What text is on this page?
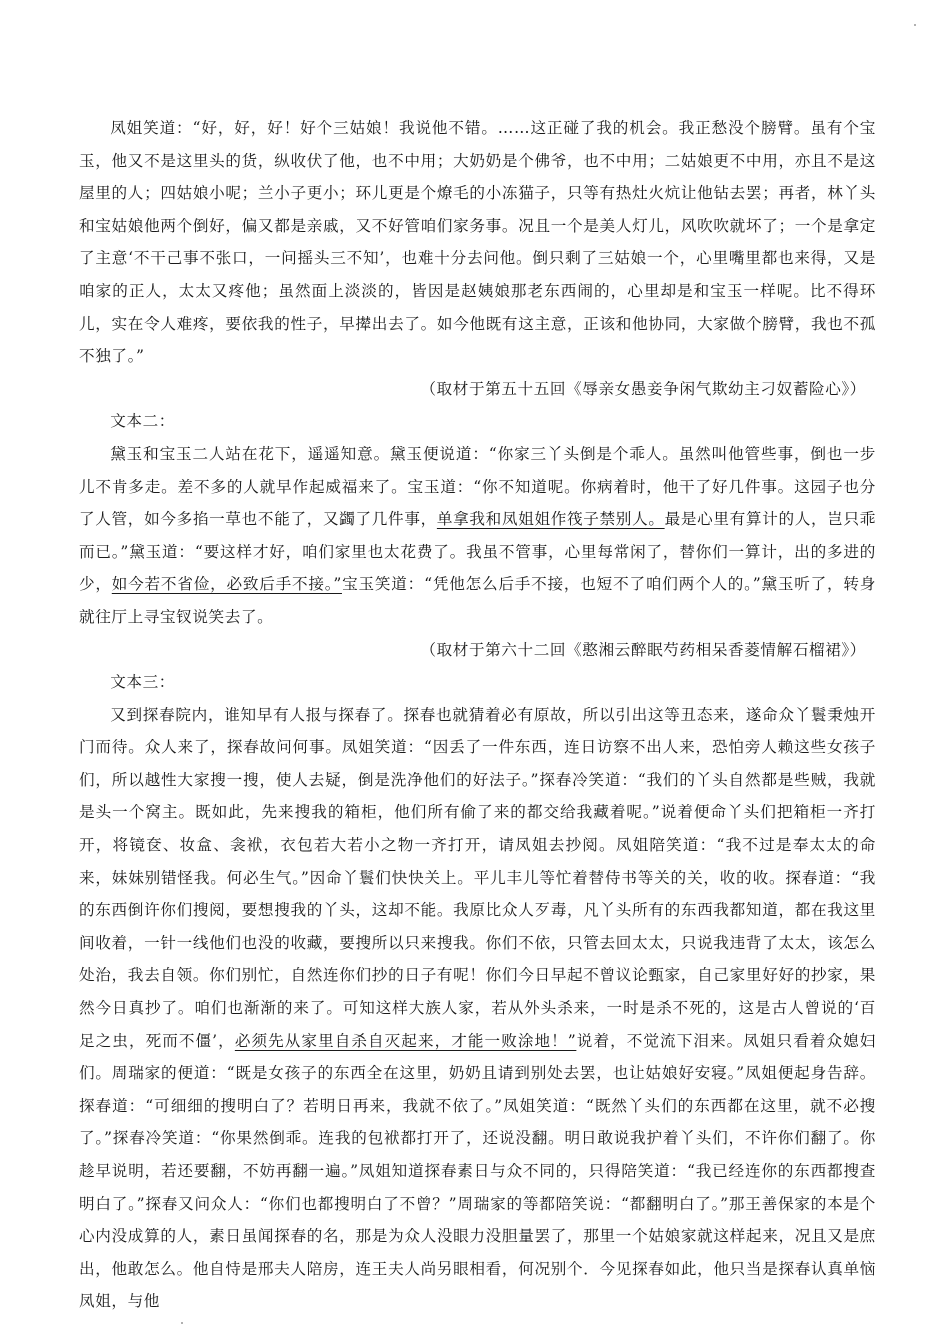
凤姐笑道：“好，好，好！好个三姑娘！我说他不错。……这正碰了我的机会。我正愁没个膀臂。虽有个宝玉，他又不是这里头的货，纵收伏了他，也不中用；大奶奶是个佛爷，也不中用；二姑娘更不中用，亦且不是这屋里的人；四姑娘小呢；兰小子更小；环儿更是个燎毛的小冻猫子，只等有热灶火炕让他钻去罢；再者，林丫头和宝姑娘他两个倒好，偏又都是亲戚，又不好管咱们家务事。况且一个是美人灯儿，风吹吹就坏了；一个是拿定了主意‘不干己事不张口，一问摇头三不知’，也难十分去问他。倒只剩了三姑娘一个，心里嘴里都也来得，又是咱家的正人，太太又疼他；虽然面上淡淡的，皆因是赵姨娘那老东西闹的，心里却是和宝玉一样呢。比不得环儿，实在令人难疼，要依我的性子，早撵出去了。如今他既有这主意，正该和他协同，大家做个膀臂，我也不孤不独了。”

（取材于第五十五回《辱亲女愚妾争闲气欺幼主刁奴蓄险心》）

文本二：

黛玉和宝玉二人站在花下，遥遥知意。黛玉便说道：“你家三丫头倒是个乖人。虽然叫他管些事，倒也一步儿不肯多走。差不多的人就早作起威福来了。宝玉道：“你不知道呢。你病着时，他干了好几件事。这园子也分了人管，如今多掐一草也不能了，又蠲了几件事，单拿我和凤姐姐作筏子禁别人。最是心里有算计的人，岂只乖而已。”黛玉道：“要这样才好，咱们家里也太花费了。我虽不管事，心里每常闲了，替你们一算计，出的多进的少，如今若不省俭，必致后手不接。”宝玉笑道：“凭他怎么后手不接，也短不了咱们两个人的。”黛玉听了，转身就往厅上寻宝钗说笑去了。

（取材于第六十二回《憨湘云醉眠芍药相呆香菱情解石榴裙》）

文本三：

又到探春院内，谁知早有人报与探春了。探春也就猜着必有原故，所以引出这等丑态来，遂命众丫鬟秉烛开门而待。众人来了，探春故问何事。凤姐笑道：“因丢了一件东西，连日访察不出人来，恐怕旁人赖这些女孩子们，所以越性大家搜一搜，使人去疑，倒是洗净他们的好法子。”探春冷笑道：“我们的丫头自然都是些贼，我就是头一个窝主。既如此，先来搜我的箱柜，他们所有偷了来的都交给我藏着呢。”说着便命丫头们把箱柜一齐打开，将镜奁、妆盒、衾袱，衣包若大若小之物一齐打开，请凤姐去抄阅。凤姐陪笑道：“我不过是奉太太的命来，妹妹别错怪我。何必生气。”因命丫鬟们快快关上。平儿丰儿等忙着替侍书等关的关，收的收。探春道：“我的东西倒许你们搜阅，要想搜我的丫头，这却不能。我原比众人歹毒，凡丫头所有的东西我都知道，都在我这里间收着，一针一线他们也没的收藏，要搜所以只来搜我。你们不依，只管去回太太，只说我违背了太太，该怎么处治，我去自领。你们别忙，自然连你们抄的日子有呢！你们今日早起不曾议论甄家，自己家里好好的抄家，果然今日真抄了。咱们也渐渐的来了。可知这样大族人家，若从外头杀来，一时是杀不死的，这是古人曾说的‘百足之虫，死而不僵’，必须先从家里自杀自灭起来，才能一败涂地！”说着，不觉流下泪来。凤姐只看着众媳妇们。周瑞家的便道：“既是女孩子的东西全在这里，奶奶且请到别处去罢，也让姑娘好安寝。”凤姐便起身告辞。探春道：“可细细的搜明白了？若明日再来，我就不依了。”凤姐笑道：“既然丫头们的东西都在这里，就不必搜了。”探春冷笑道：“你果然倒乖。连我的包袱都打开了，还说没翻。明日敢说我护着丫头们，不许你们翻了。你趁早说明，若还要翻，不妨再翻一遍。”凤姐知道探春素日与众不同的，只得陪笑道：“我已经连你的东西都搜查明白了。”探春又问众人：“你们也都搜明白了不曾？”周瑞家的等都陪笑说：“都翻明白了。”那王善保家的本是个心内没成算的人，素日虽闻探春的名，那是为众人没眼力没胆量罢了，那里一个姑娘家就这样起来，况且又是庶出，他敢怎么。他自恃是邢夫人陪房，连王夫人尚另眼相看，何况别个．今见探春如此，他只当是探春认真单恼凤姐，与他
